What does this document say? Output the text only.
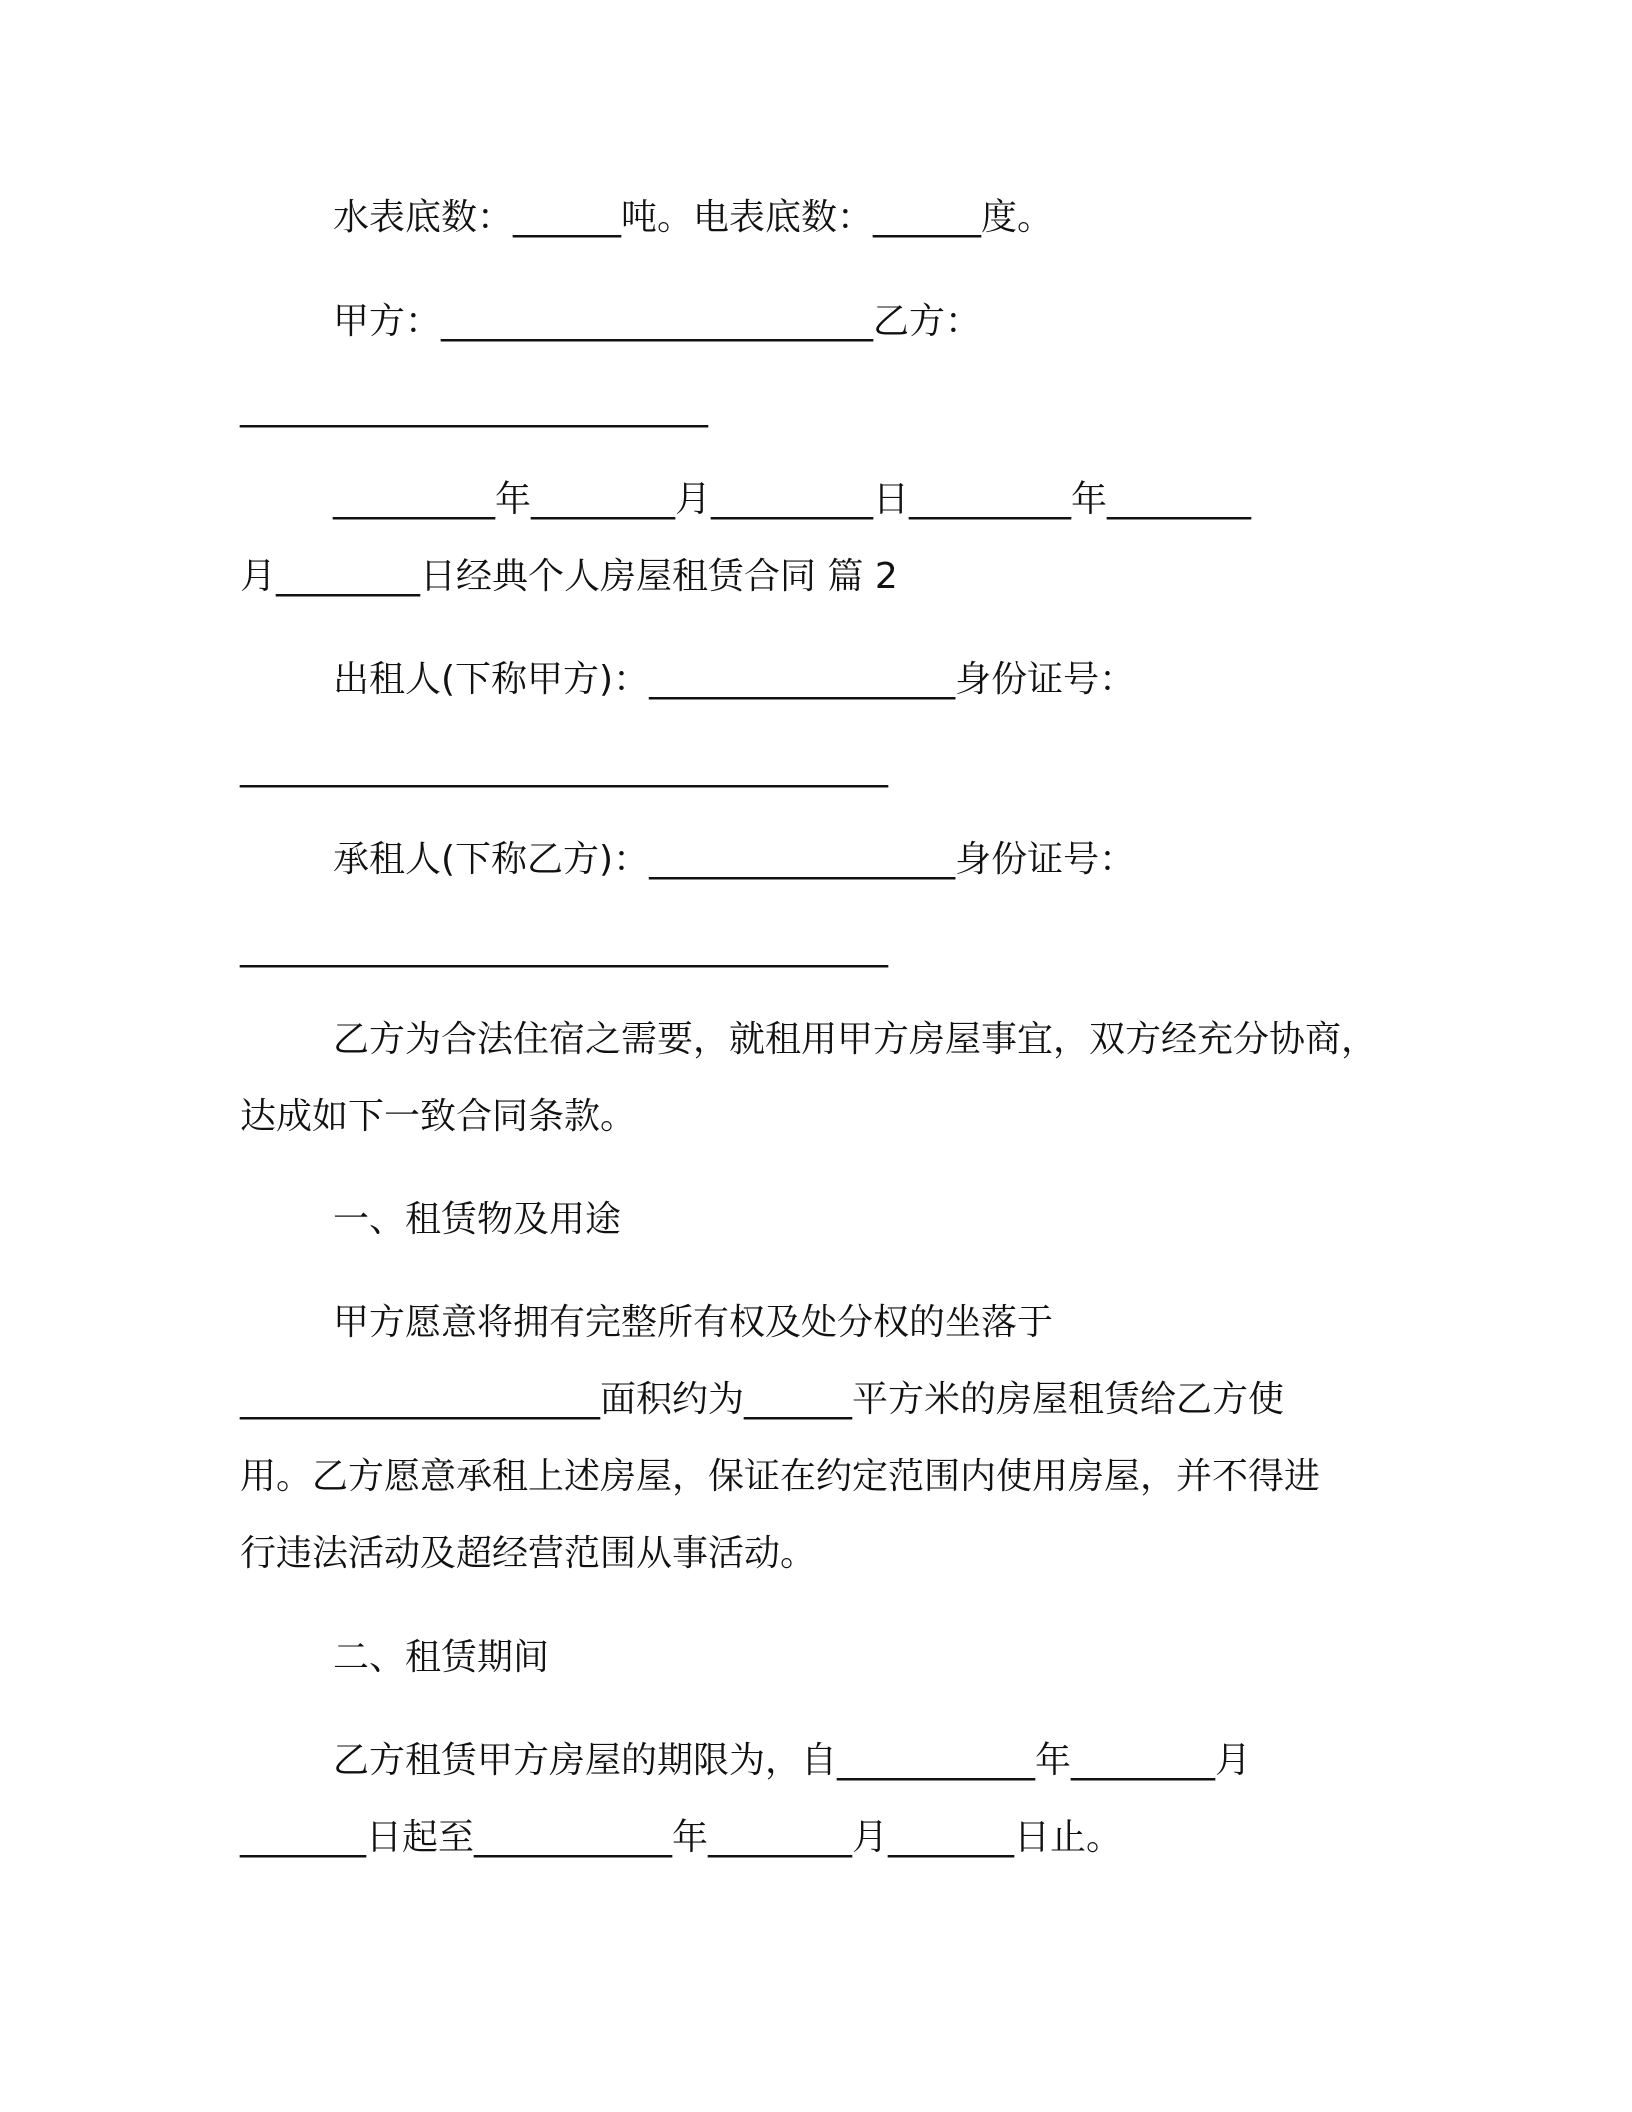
水表底数：______吨。电表底数：______度。

甲方：________________________乙方：

__________________________

_________年________月_________日_________年________

月________日经典个人房屋租赁合同 篇 2

出租人(下称甲方)：_________________身份证号：

____________________________________

承租人(下称乙方)：_________________身份证号：

____________________________________

乙方为合法住宿之需要，就租用甲方房屋事宜，双方经充分协商，

达成如下一致合同条款。

一、租赁物及用途

甲方愿意将拥有完整所有权及处分权的坐落于

____________________面积约为______平方米的房屋租赁给乙方使

用。乙方愿意承租上述房屋，保证在约定范围内使用房屋，并不得进

行违法活动及超经营范围从事活动。

二、租赁期间

乙方租赁甲方房屋的期限为，自___________年________月

_______日起至___________年________月_______日止。
